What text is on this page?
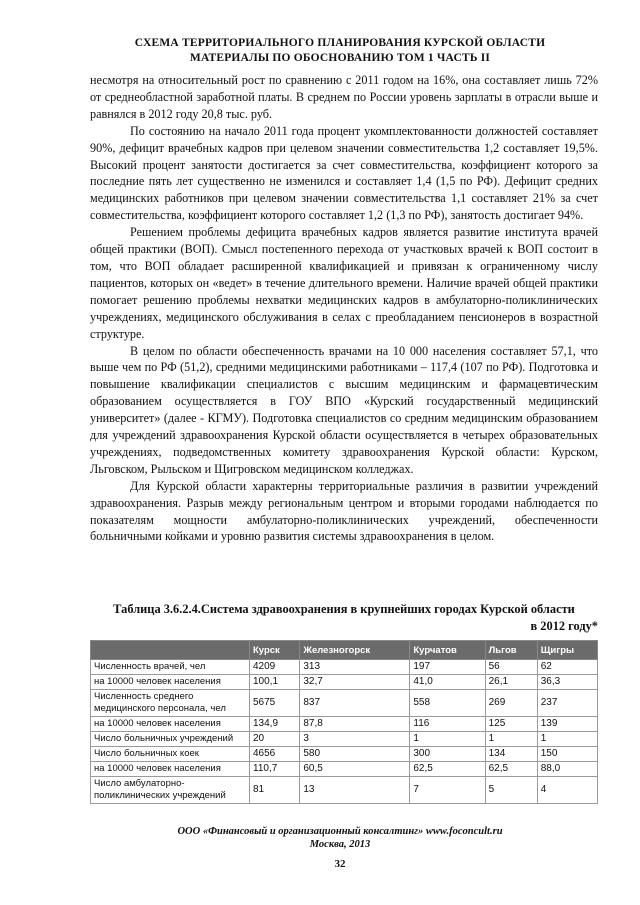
СХЕМА ТЕРРИТОРИАЛЬНОГО ПЛАНИРОВАНИЯ КУРСКОЙ ОБЛАСТИ
МАТЕРИАЛЫ ПО ОБОСНОВАНИЮ ТОМ 1 ЧАСТЬ II

несмотря на относительный рост по сравнению с 2011 годом на 16%, она составляет лишь 72% от среднеобластной заработной платы. В среднем по России уровень зарплаты в отрасли выше и равнялся в 2012 году 20,8 тыс. руб.

По состоянию на начало 2011 года процент укомплектованности должностей составляет 90%, дефицит врачебных кадров при целевом значении совместительства 1,2 составляет 19,5%. Высокий процент занятости достигается за счет совместительства, коэффициент которого за последние пять лет существенно не изменился и составляет 1,4 (1,5 по РФ). Дефицит средних медицинских работников при целевом значении совместительства 1,1 составляет 21% за счет совместительства, коэффициент которого составляет 1,2 (1,3 по РФ), занятость достигает 94%.

Решением проблемы дефицита врачебных кадров является развитие института врачей общей практики (ВОП). Смысл постепенного перехода от участковых врачей к ВОП состоит в том, что ВОП обладает расширенной квалификацией и привязан к ограниченному числу пациентов, которых он «ведет» в течение длительного времени. Наличие врачей общей практики помогает решению проблемы нехватки медицинских кадров в амбулаторно-поликлинических учреждениях, медицинского обслуживания в селах с преобладанием пенсионеров в возрастной структуре.

В целом по области обеспеченность врачами на 10 000 населения составляет 57,1, что выше чем по РФ (51,2), средними медицинскими работниками – 117,4 (107 по РФ). Подготовка и повышение квалификации специалистов с высшим медицинским и фармацевтическим образованием осуществляется в ГОУ ВПО «Курский государственный медицинский университет» (далее - КГМУ). Подготовка специалистов со средним медицинским образованием для учреждений здравоохранения Курской области осуществляется в четырех образовательных учреждениях, подведомственных комитету здравоохранения Курской области: Курском, Льговском, Рыльском и Щигровском медицинском колледжах.

Для Курской области характерны территориальные различия в развитии учреждений здравоохранения. Разрыв между региональным центром и вторыми городами наблюдается по показателям мощности амбулаторно-поликлинических учреждений, обеспеченности больничными койками и уровню развития системы здравоохранения в целом.

Таблица 3.6.2.4.Система здравоохранения в крупнейших городах Курской области
в 2012 году*
	Курск	Железногорск	Курчатов	Льгов	Щигры
Численность врачей, чел	4209	313	197	56	62
на 10000 человек населения	100,1	32,7	41,0	26,1	36,3
Численность среднего медицинского персонала, чел	5675	837	558	269	237
на 10000 человек населения	134,9	87,8	116	125	139
Число больничных учреждений	20	3	1	1	1
Число больничных коек	4656	580	300	134	150
на 10000 человек населения	110,7	60,5	62,5	62,5	88,0
Число амбулаторно-поликлинических учреждений	81	13	7	5	4
ООО «Финансовый и организационный консалтинг» www.foconcult.ru
Москва, 2013
32
